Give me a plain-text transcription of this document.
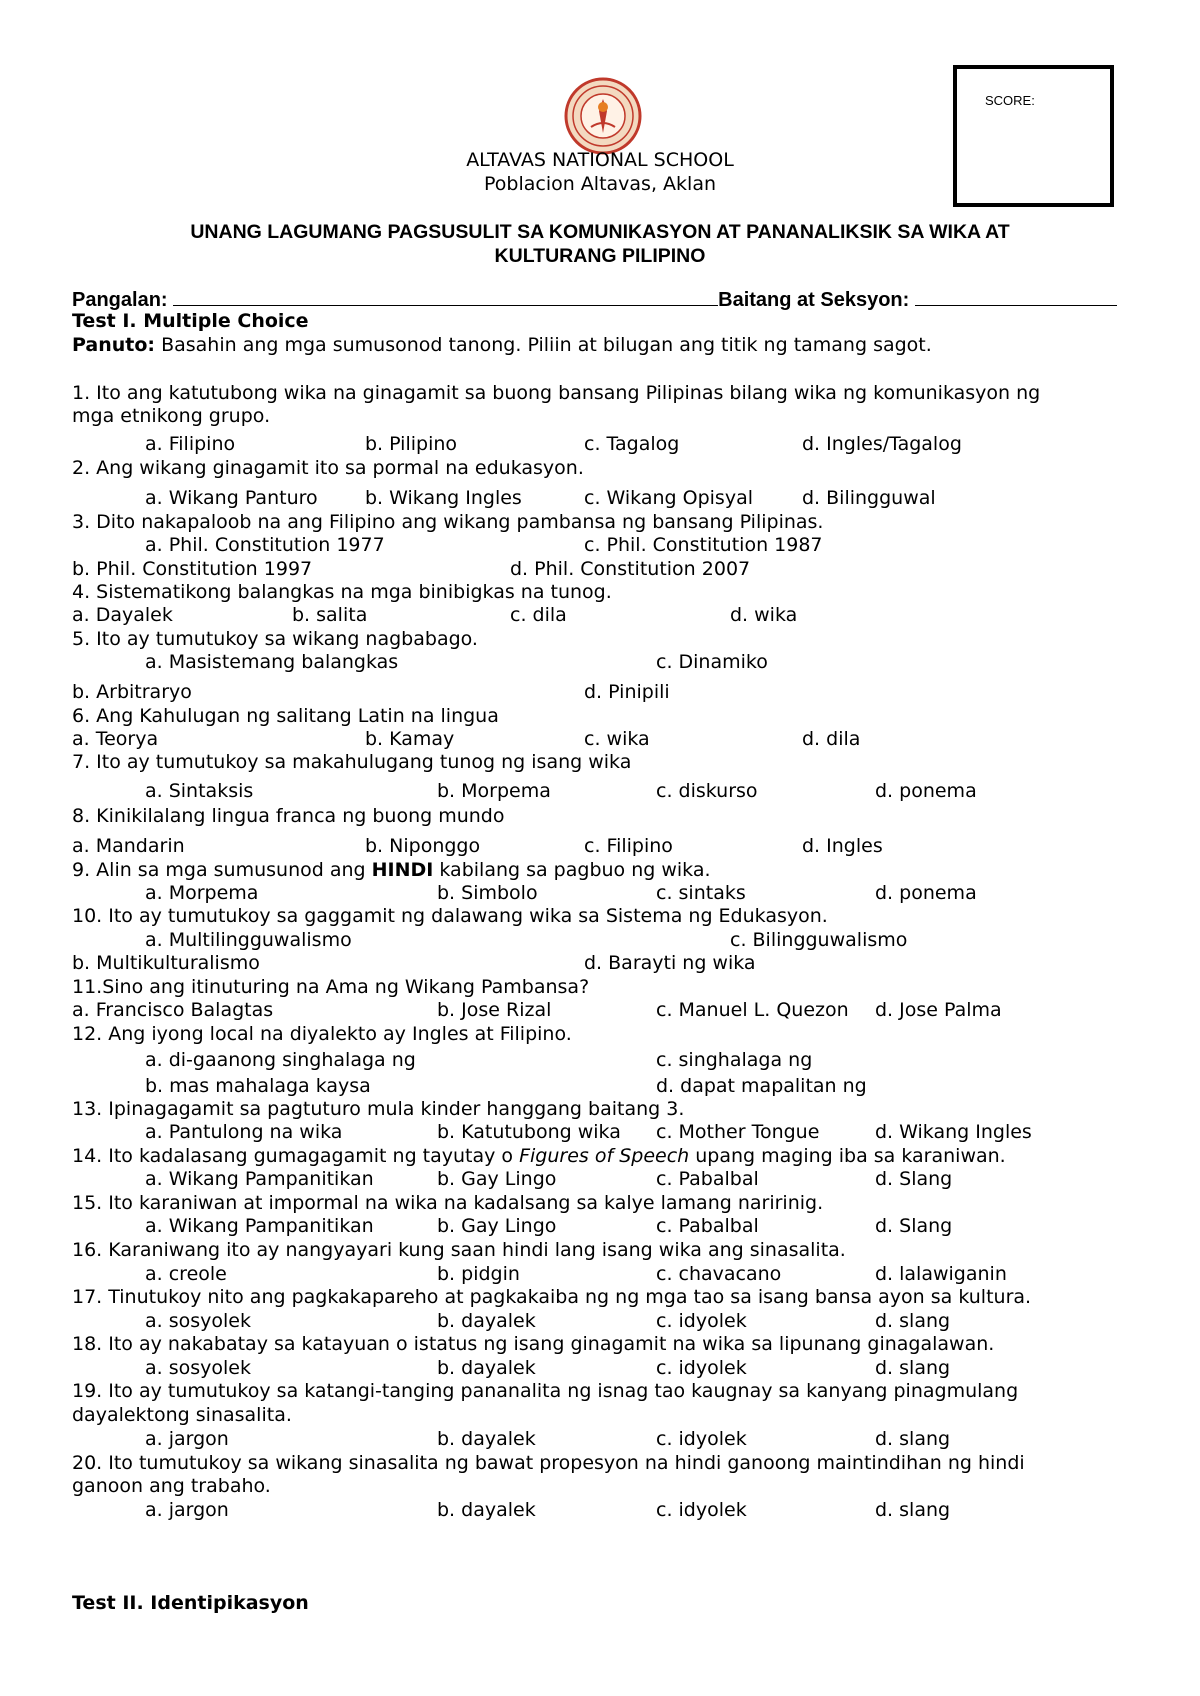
SCORE:
ALTAVAS NATIONAL SCHOOL
Poblacion Altavas, Aklan
UNANG LAGUMANG PAGSUSULIT SA KOMUNIKASYON AT PANANALIKSIK SA WIKA AT
KULTURANG PILIPINO
Pangalan:	Baitang at Seksyon:
Test I. Multiple Choice
Panuto: Basahin ang mga sumusonod tanong. Piliin at bilugan ang titik ng tamang sagot.
1. Ito ang katutubong wika na ginagamit sa buong bansang Pilipinas bilang wika ng komunikasyon ng
mga etnikong grupo.
a. Filipino	b. Pilipino	c. Tagalog	d. Ingles/Tagalog
2. Ang wikang ginagamit ito sa pormal na edukasyon.
a. Wikang Panturo b. Wikang Ingles	c. Wikang Opisyal	d. Bilingguwal
3. Dito nakapaloob na ang Filipino ang wikang pambansa ng bansang Pilipinas.
a. Phil. Constitution 1977	c. Phil. Constitution 1987
b. Phil. Constitution 1997	d. Phil. Constitution 2007
4. Sistematikong balangkas na mga binibigkas na tunog.
a. Dayalek	b. salita	c. dila	d. wika
5. Ito ay tumutukoy sa wikang nagbabago.
a. Masistemang balangkas	c. Dinamiko
b. Arbitraryo	d. Pinipili
6. Ang Kahulugan ng salitang Latin na lingua
a. Teorya	b. Kamay	c. wika	d. dila
7. Ito ay tumutukoy sa makahulugang tunog ng isang wika
a. Sintaksis	b. Morpema	c. diskurso	d. ponema
8. Kinikilalang lingua franca ng buong mundo
a. Mandarin	b. Niponggo	c. Filipino	d. Ingles
9. Alin sa mga sumusunod ang HINDI kabilang sa pagbuo ng wika.
a. Morpema	b. Simbolo	c. sintaks	d. ponema
10. Ito ay tumutukoy sa gaggamit ng dalawang wika sa Sistema ng Edukasyon.
a. Multilingguwalismo	c. Bilingguwalismo
b. Multikulturalismo	d. Barayti ng wika
11.Sino ang itinuturing na Ama ng Wikang Pambansa?
a. Francisco Balagtas	b. Jose Rizal	c. Manuel L. Quezon d. Jose Palma
12. Ang iyong local na diyalekto ay Ingles at Filipino.
a. di-gaanong singhalaga ng	c. singhalaga ng
b. mas mahalaga kaysa	d. dapat mapalitan ng
13. Ipinagagamit sa pagtuturo mula kinder hanggang baitang 3.
a. Pantulong na wika	b. Katutubong wika c. Mother Tongue	d. Wikang Ingles
14. Ito kadalasang gumagagamit ng tayutay o Figures of Speech upang maging iba sa karaniwan.
a. Wikang Pampanitikan	b. Gay Lingo	c. Pabalbal	d. Slang
15. Ito karaniwan at impormal na wika na kadalsang sa kalye lamang naririnig.
a. Wikang Pampanitikan	b. Gay Lingo	c. Pabalbal	d. Slang
16. Karaniwang ito ay nangyayari kung saan hindi lang isang wika ang sinasalita.
a. creole	b. pidgin	c. chavacano	d. lalawiganin
17. Tinutukoy nito ang pagkakapareho at pagkakaiba ng ng mga tao sa isang bansa ayon sa kultura.
a. sosyolek	b. dayalek	c. idyolek	d. slang
18. Ito ay nakabatay sa katayuan o istatus ng isang ginagamit na wika sa lipunang ginagalawan.
a. sosyolek	b. dayalek	c. idyolek	d. slang
19. Ito ay tumutukoy sa katangi-tanging pananalita ng isnag tao kaugnay sa kanyang pinagmulang
dayalektong sinasalita.
a. jargon	b. dayalek	c. idyolek	d. slang
20. Ito tumutukoy sa wikang sinasalita ng bawat propesyon na hindi ganoong maintindihan ng hindi
ganoon ang trabaho.
a. jargon	b. dayalek	c. idyolek	d. slang
Test II. Identipikasyon
